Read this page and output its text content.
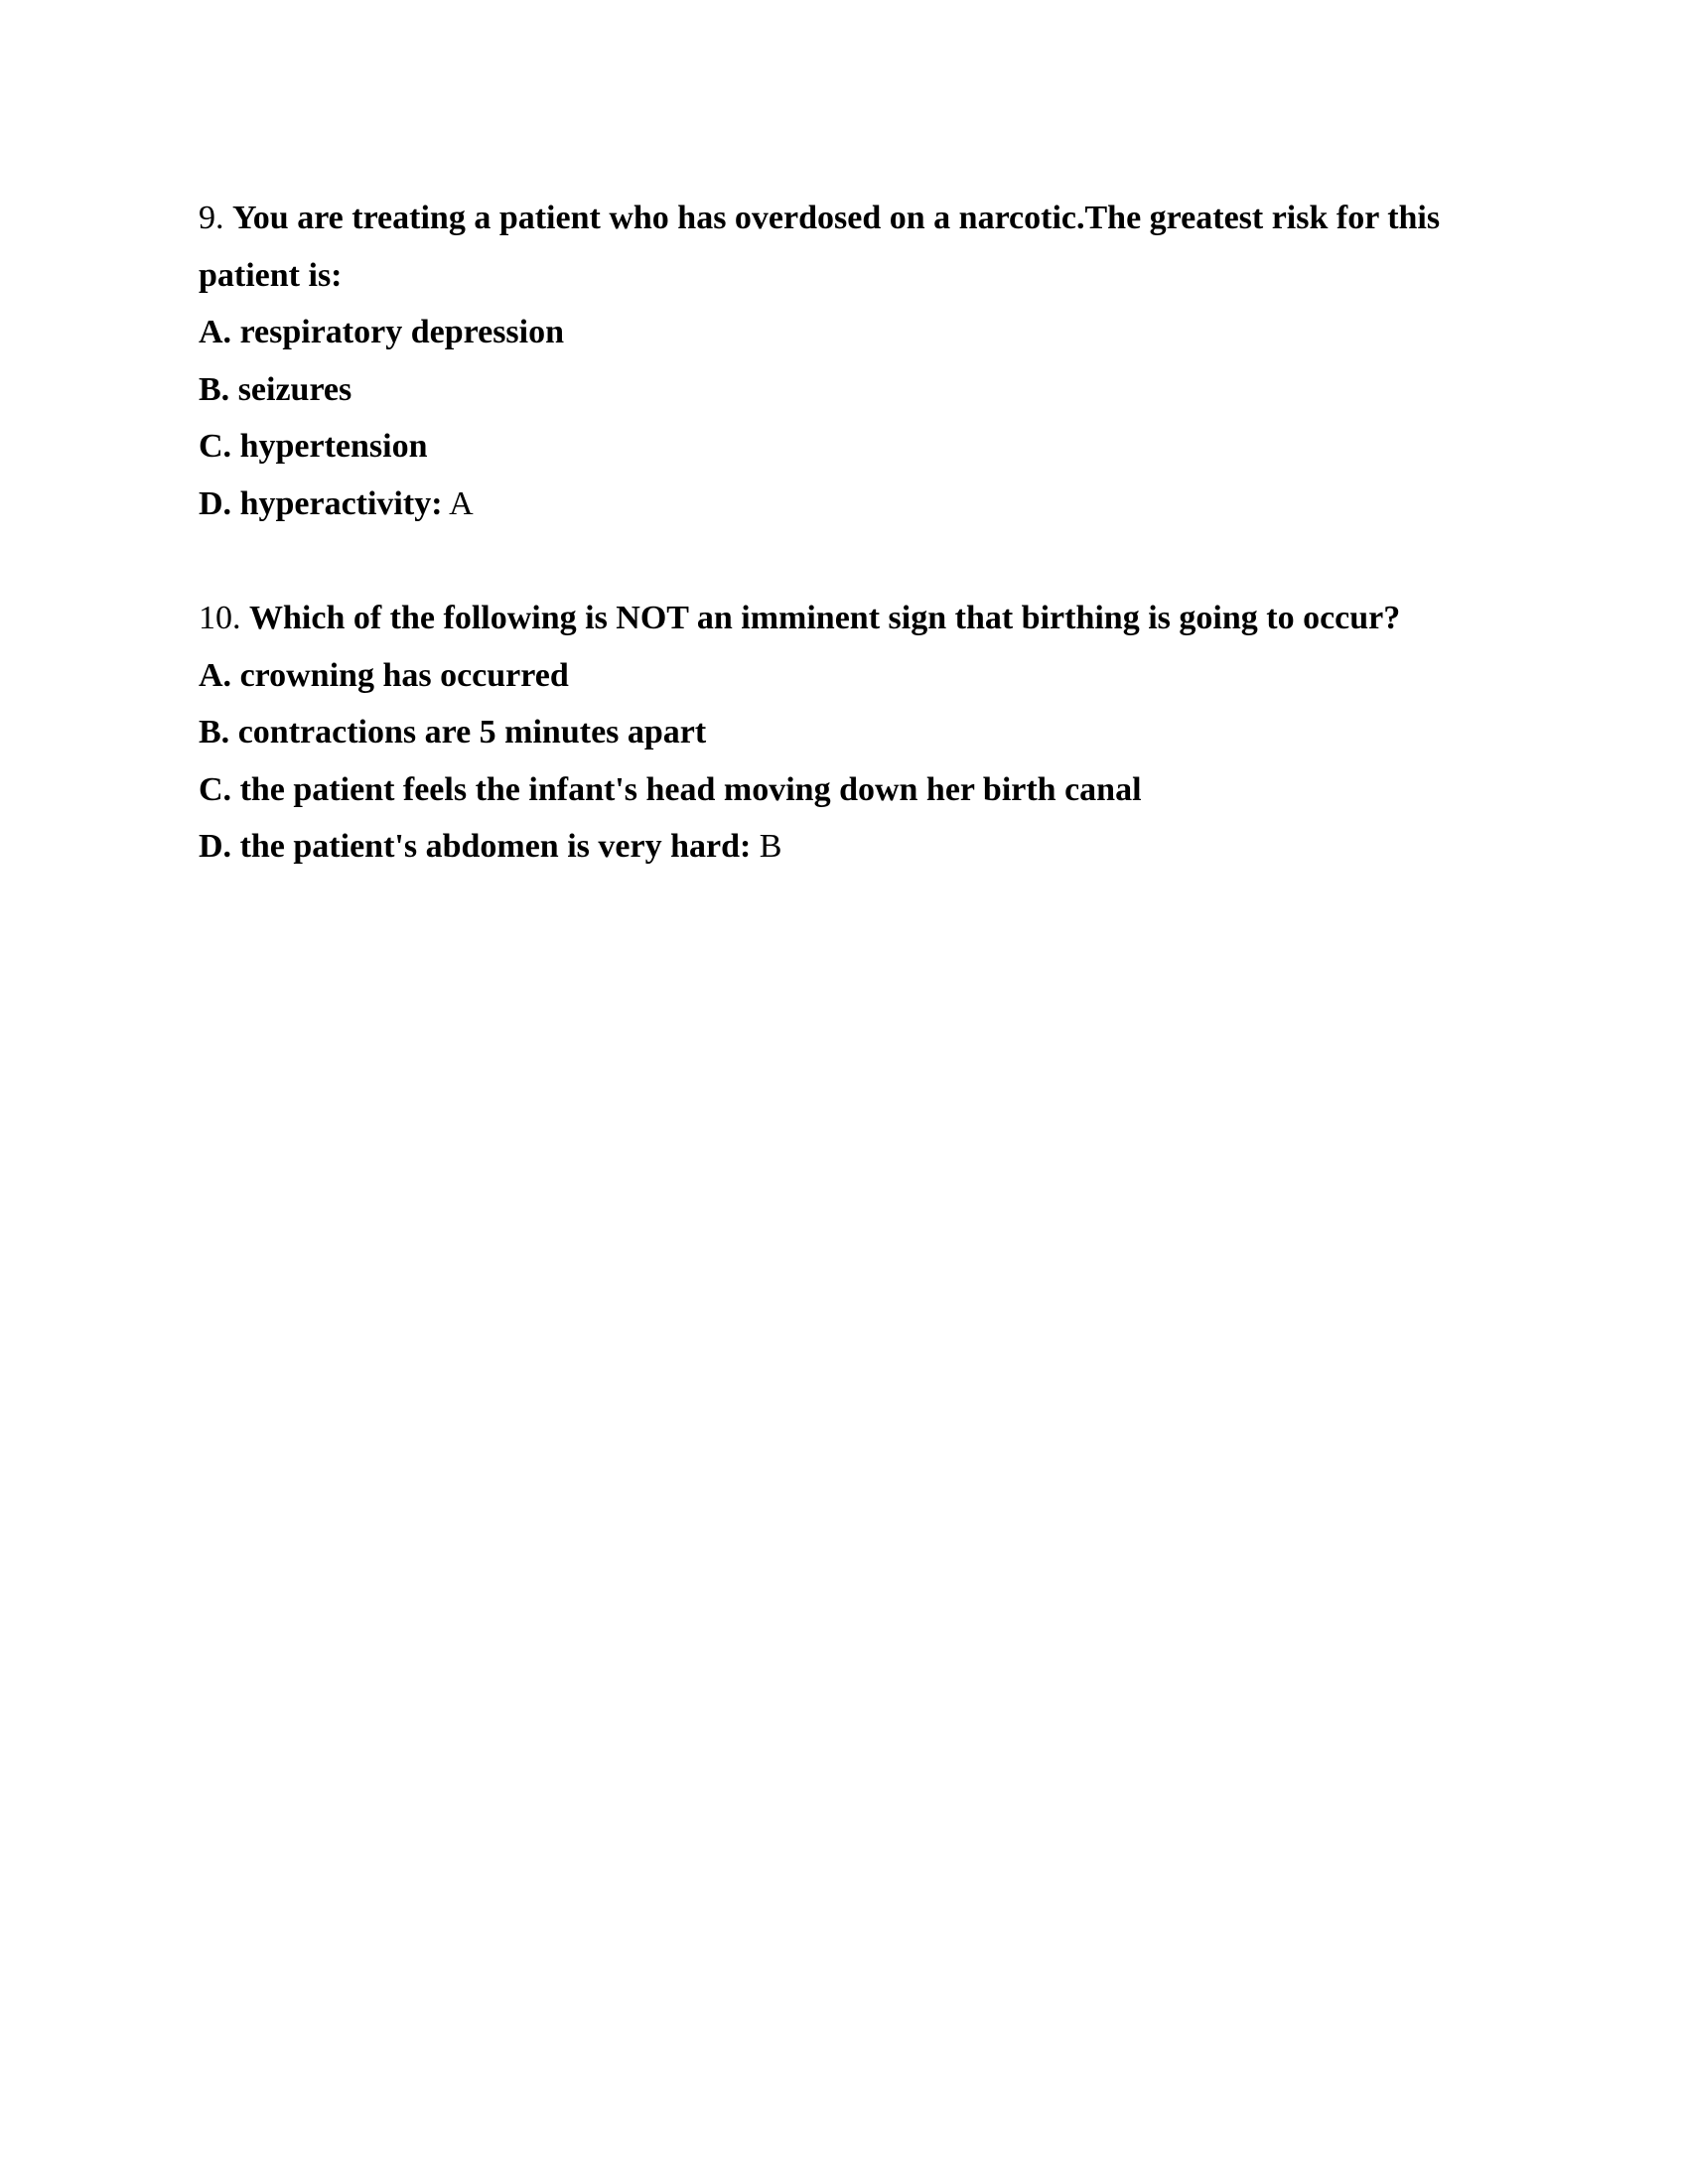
9. You are treating a patient who has overdosed on a narcotic.The greatest risk for this
patient is:
A. respiratory depression
B. seizures
C. hypertension
D. hyperactivity: A
10. Which of the following is NOT an imminent sign that birthing is going to occur?
A. crowning has occurred
B. contractions are 5 minutes apart
C. the patient feels the infant's head moving down her birth canal
D. the patient's abdomen is very hard: B
